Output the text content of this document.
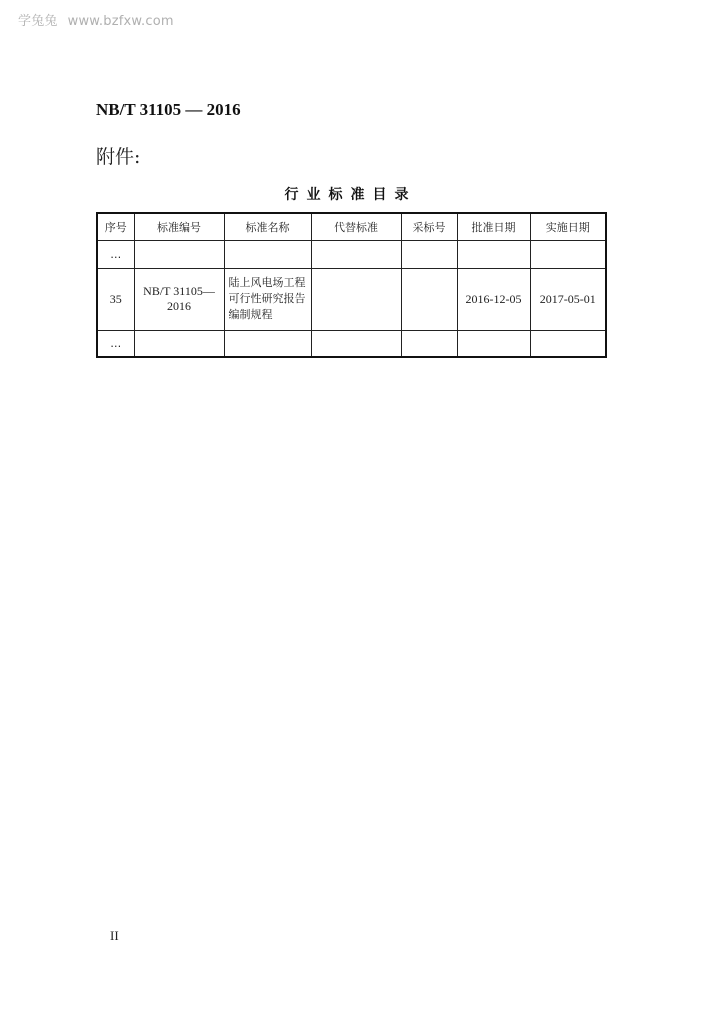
学兔兔 www.bzfxw.com
NB/T 31105 — 2016
附件:
行业标准目录
序号	标准编号	标准名称	代替标准	采标号	批准日期	实施日期
…						
35	NB/T 31105—2016	陆上风电场工程可行性研究报告编制规程			2016-12-05	2017-05-01
…						
II
